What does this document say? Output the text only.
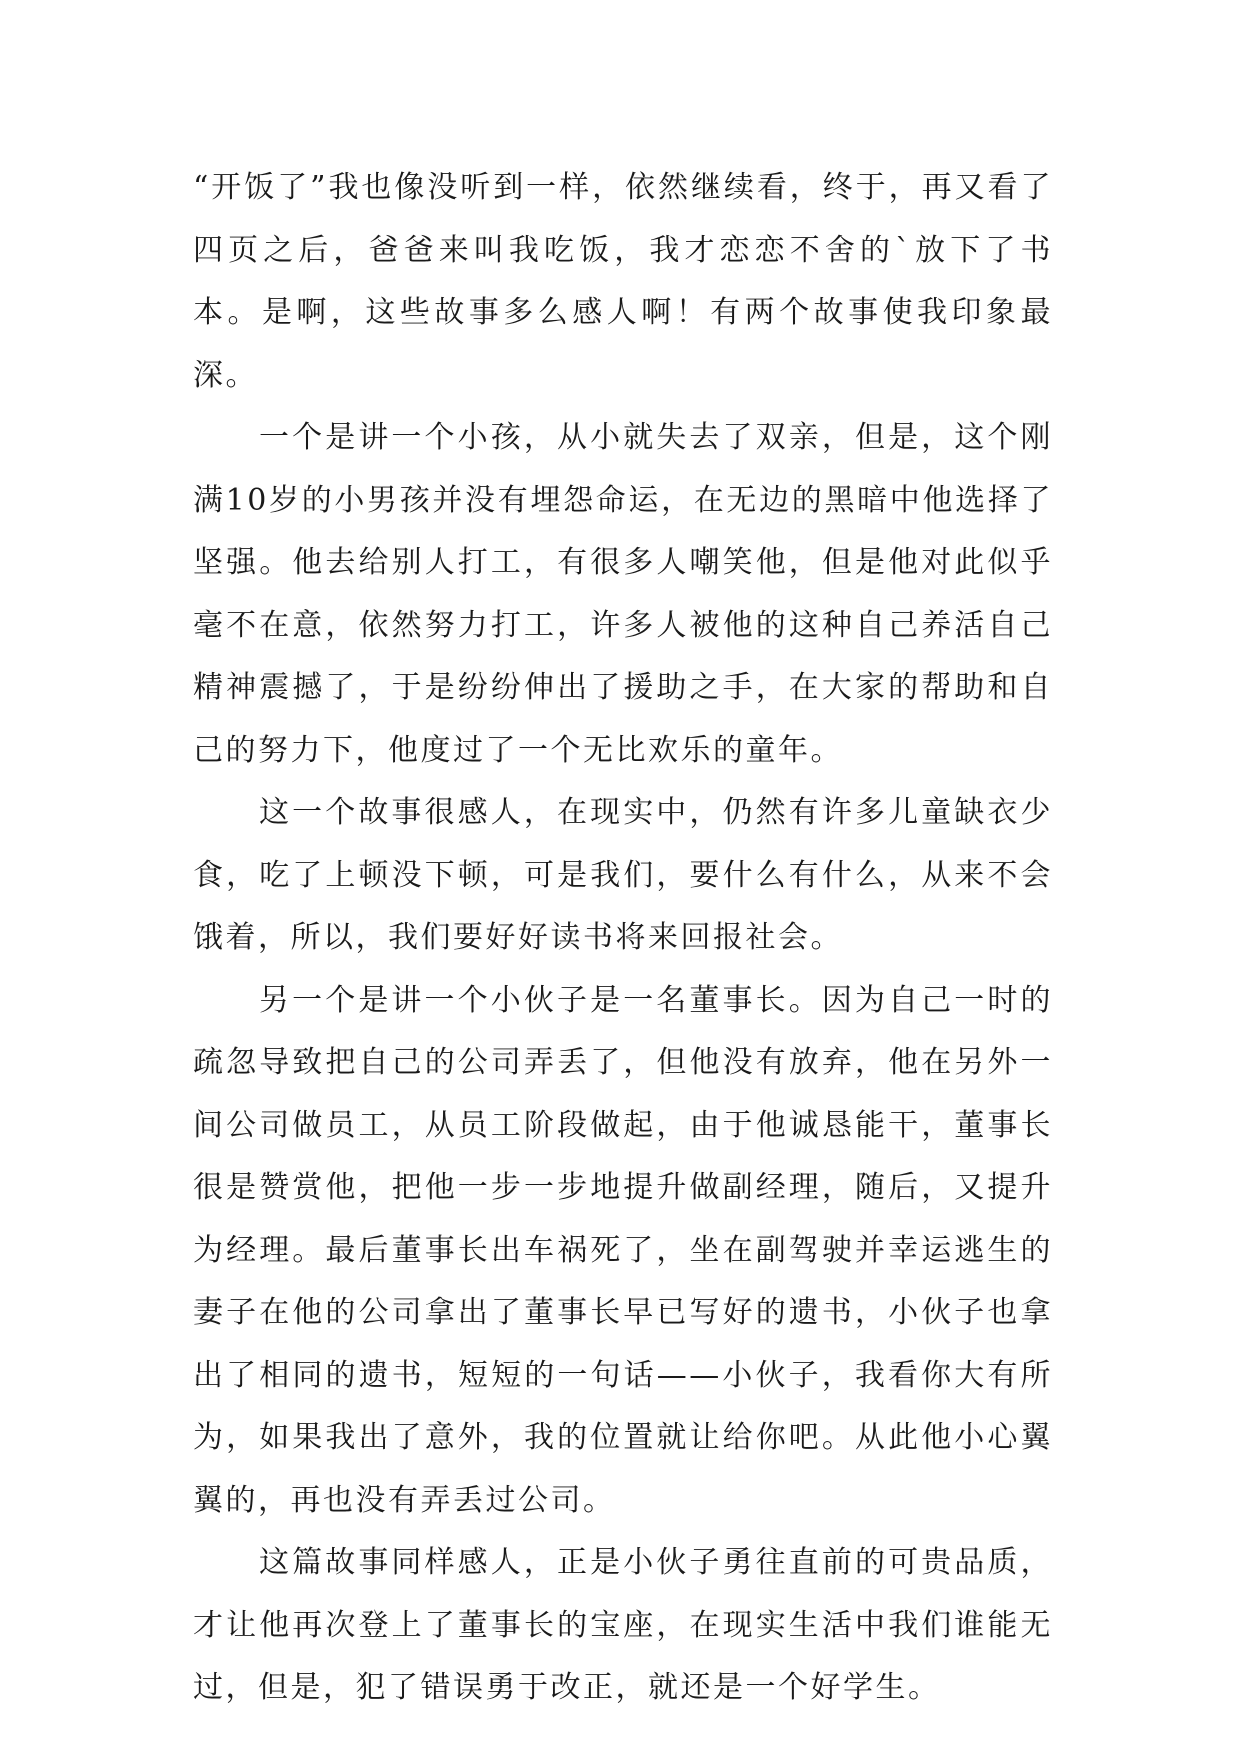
“开饭了”我也像没听到一样，依然继续看，终于，再又看了四页之后，爸爸来叫我吃饭，我才恋恋不舍的`放下了书本。是啊，这些故事多么感人啊！有两个故事使我印象最深。

一个是讲一个小孩，从小就失去了双亲，但是，这个刚满10岁的小男孩并没有埋怨命运，在无边的黑暗中他选择了坚强。他去给别人打工，有很多人嘲笑他，但是他对此似乎毫不在意，依然努力打工，许多人被他的这种自己养活自己精神震撼了，于是纷纷伸出了援助之手，在大家的帮助和自己的努力下，他度过了一个无比欢乐的童年。

这一个故事很感人，在现实中，仍然有许多儿童缺衣少食，吃了上顿没下顿，可是我们，要什么有什么，从来不会饿着，所以，我们要好好读书将来回报社会。

另一个是讲一个小伙子是一名董事长。因为自己一时的疏忽导致把自己的公司弄丢了，但他没有放弃，他在另外一间公司做员工，从员工阶段做起，由于他诚恳能干，董事长很是赞赏他，把他一步一步地提升做副经理，随后，又提升为经理。最后董事长出车祸死了，坐在副驾驶并幸运逃生的妻子在他的公司拿出了董事长早已写好的遗书，小伙子也拿出了相同的遗书，短短的一句话——小伙子，我看你大有所为，如果我出了意外，我的位置就让给你吧。从此他小心翼翼的，再也没有弄丢过公司。

这篇故事同样感人，正是小伙子勇往直前的可贵品质，才让他再次登上了董事长的宝座，在现实生活中我们谁能无过，但是，犯了错误勇于改正，就还是一个好学生。
